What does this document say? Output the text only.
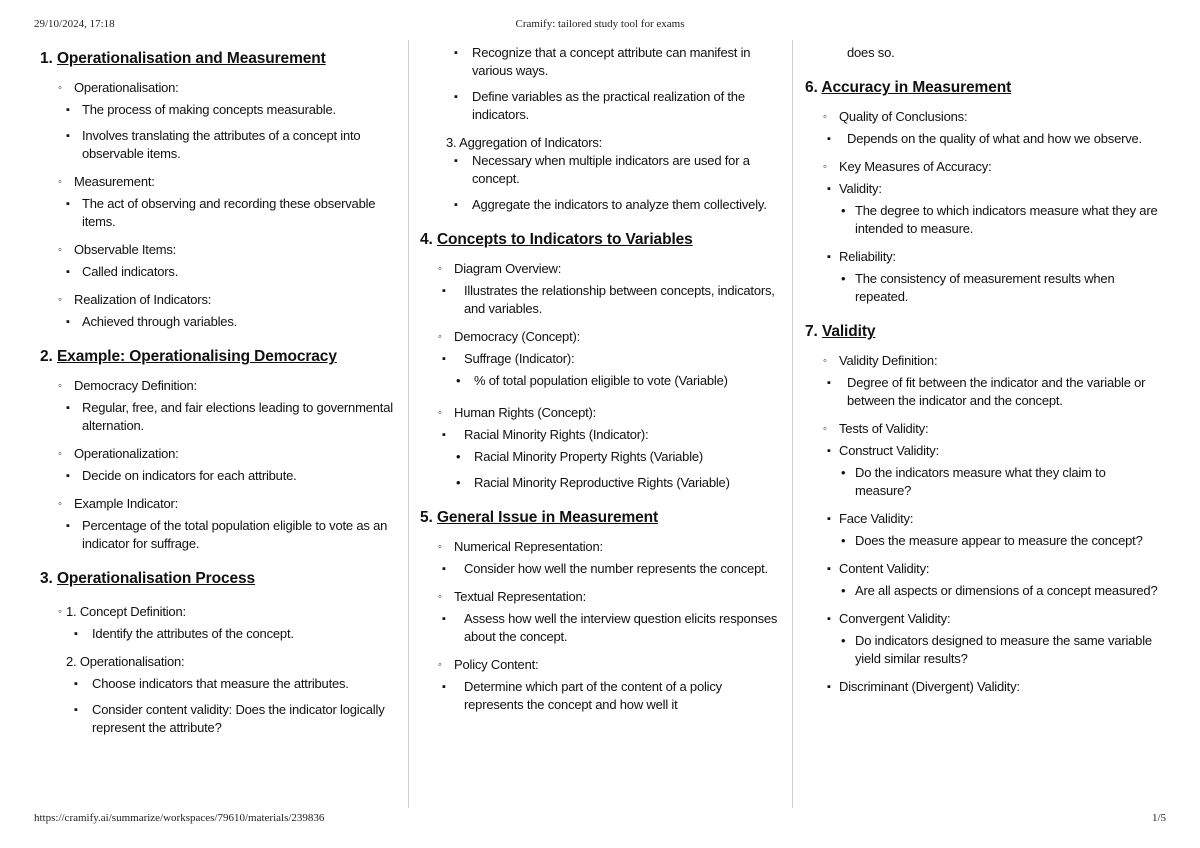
29/10/2024, 17:18	Cramify: tailored study tool for exams
1. Operationalisation and Measurement

◦ Operationalisation:

▪ The process of making concepts measurable.

▪ Involves translating the attributes of a concept into observable items.

◦ Measurement:

▪ The act of observing and recording these observable items.

◦ Observable Items:

▪ Called indicators.

◦ Realization of Indicators:

▪ Achieved through variables.

2. Example: Operationalising Democracy

◦ Democracy Definition:

▪ Regular, free, and fair elections leading to governmental alternation.

◦ Operationalization:

▪ Decide on indicators for each attribute.

◦ Example Indicator:

▪ Percentage of the total population eligible to vote as an indicator for suffrage.

3. Operationalisation Process

◦ 1. Concept Definition:

▪ Identify the attributes of the concept.

2. Operationalisation:

▪ Choose indicators that measure the attributes.

▪ Consider content validity: Does the indicator logically represent the attribute?

▪ Recognize that a concept attribute can manifest in various ways.

▪ Define variables as the practical realization of the indicators.

3. Aggregation of Indicators:

▪ Necessary when multiple indicators are used for a concept.

▪ Aggregate the indicators to analyze them collectively.

4. Concepts to Indicators to Variables

◦ Diagram Overview:

▪ Illustrates the relationship between concepts, indicators, and variables.

◦ Democracy (Concept):

▪ Suffrage (Indicator):

• % of total population eligible to vote (Variable)

◦ Human Rights (Concept):

▪ Racial Minority Rights (Indicator):

• Racial Minority Property Rights (Variable)

• Racial Minority Reproductive Rights (Variable)

5. General Issue in Measurement

◦ Numerical Representation:

▪ Consider how well the number represents the concept.

◦ Textual Representation:

▪ Assess how well the interview question elicits responses about the concept.

◦ Policy Content:

▪ Determine which part of the content of a policy represents the concept and how well it

does so.

6. Accuracy in Measurement

◦ Quality of Conclusions:

▪ Depends on the quality of what and how we observe.

◦ Key Measures of Accuracy:

▪ Validity:

• The degree to which indicators measure what they are intended to measure.

▪ Reliability:

• The consistency of measurement results when repeated.

7. Validity

◦ Validity Definition:

▪ Degree of fit between the indicator and the variable or between the indicator and the concept.

◦ Tests of Validity:

▪ Construct Validity:

• Do the indicators measure what they claim to measure?

▪ Face Validity:

• Does the measure appear to measure the concept?

▪ Content Validity:

• Are all aspects or dimensions of a concept measured?

▪ Convergent Validity:

• Do indicators designed to measure the same variable yield similar results?

▪ Discriminant (Divergent) Validity:

https://cramify.ai/summarize/workspaces/79610/materials/239836	1/5
